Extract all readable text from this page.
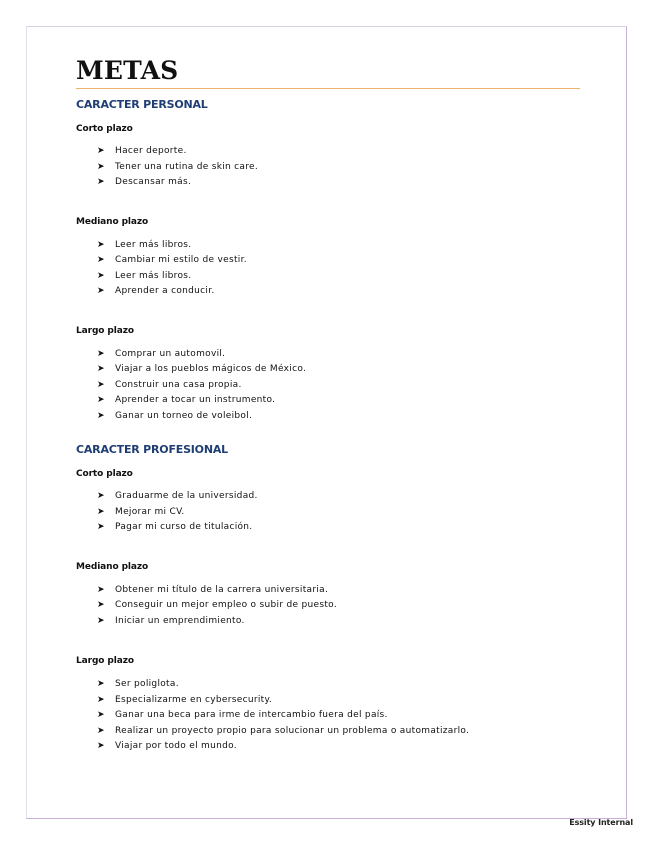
METAS
CARACTER PERSONAL
Corto plazo
➤ Hacer deporte.
➤ Tener una rutina de skin care.
➤ Descansar más.
Mediano plazo
➤ Leer más libros.
➤ Cambiar mi estilo de vestir.
➤ Leer más libros.
➤ Aprender a conducir.
Largo plazo
➤ Comprar un automovil.
➤ Viajar a los pueblos mágicos de México.
➤ Construir una casa propia.
➤ Aprender a tocar un instrumento.
➤ Ganar un torneo de voleibol.
CARACTER PROFESIONAL
Corto plazo
➤ Graduarme de la universidad.
➤ Mejorar mi CV.
➤ Pagar mi curso de titulación.
Mediano plazo
➤ Obtener mi título de la carrera universitaria.
➤ Conseguir un mejor empleo o subir de puesto.
➤ Iniciar un emprendimiento.
Largo plazo
➤ Ser poliglota.
➤ Especializarme en cybersecurity.
➤ Ganar una beca para irme de intercambio fuera del país.
➤ Realizar un proyecto propio para solucionar un problema o automatizarlo.
➤ Viajar por todo el mundo.
Essity Internal
